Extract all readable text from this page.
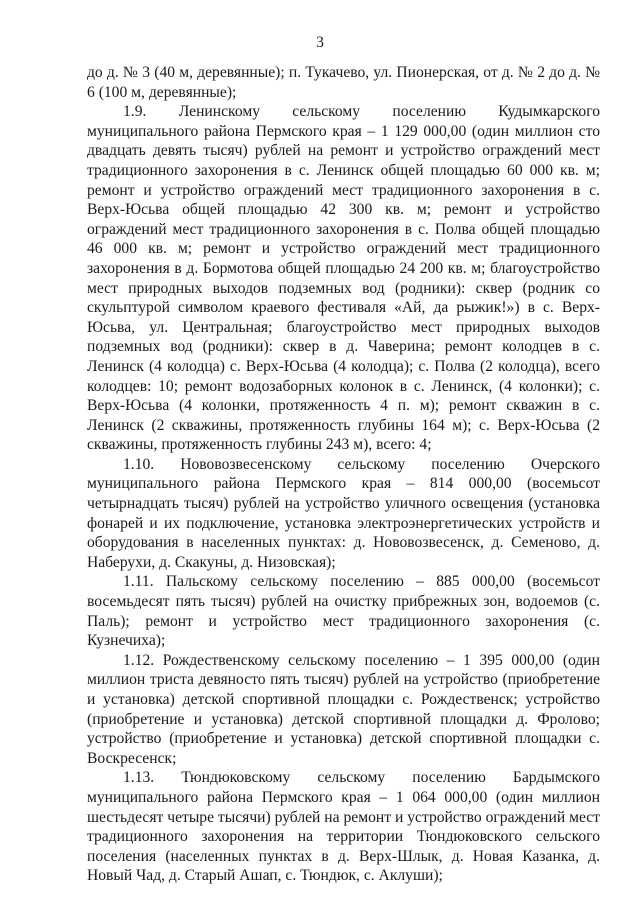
3

до д. № 3 (40 м, деревянные); п. Тукачево, ул. Пионерская, от д. № 2 до д. № 6 (100 м, деревянные);

1.9. Ленинскому сельскому поселению Кудымкарского муниципального района Пермского края – 1 129 000,00 (один миллион сто двадцать девять тысяч) рублей на ремонт и устройство ограждений мест традиционного захоронения в с. Ленинск общей площадью 60 000 кв. м; ремонт и устройство ограждений мест традиционного захоронения в с. Верх-Юсьва общей площадью 42 300 кв. м; ремонт и устройство ограждений мест традиционного захоронения в с. Полва общей площадью 46 000 кв. м; ремонт и устройство ограждений мест традиционного захоронения в д. Бормотова общей площадью 24 200 кв. м; благоустройство мест природных выходов подземных вод (родники): сквер (родник со скульптурой символом краевого фестиваля «Ай, да рыжик!») в с. Верх-Юсьва, ул. Центральная; благоустройство мест природных выходов подземных вод (родники): сквер в д. Чаверина; ремонт колодцев в с. Ленинск (4 колодца) с. Верх-Юсьва (4 колодца); с. Полва (2 колодца), всего колодцев: 10; ремонт водозаборных колонок в с. Ленинск, (4 колонки); с. Верх-Юсьва (4 колонки, протяженность 4 п. м); ремонт скважин в с. Ленинск (2 скважины, протяженность глубины 164 м); с. Верх-Юсьва (2 скважины, протяженность глубины 243 м), всего: 4;

1.10. Нововозвесенскому сельскому поселению Очерского муниципального района Пермского края – 814 000,00 (восемьсот четырнадцать тысяч) рублей на устройство уличного освещения (установка фонарей и их подключение, установка электроэнергетических устройств и оборудования в населенных пунктах: д. Нововозвесенск, д. Семеново, д. Наберухи, д. Скакуны, д. Низовская);

1.11. Пальскому сельскому поселению – 885 000,00 (восемьсот восемьдесят пять тысяч) рублей на очистку прибрежных зон, водоемов (с. Паль); ремонт и устройство мест традиционного захоронения (с. Кузнечиха);

1.12. Рождественскому сельскому поселению – 1 395 000,00 (один миллион триста девяносто пять тысяч) рублей на устройство (приобретение и установка) детской спортивной площадки с. Рождественск; устройство (приобретение и установка) детской спортивной площадки д. Фролово; устройство (приобретение и установка) детской спортивной площадки с. Воскресенск;

1.13. Тюндюковскому сельскому поселению Бардымского муниципального района Пермского края – 1 064 000,00 (один миллион шестьдесят четыре тысячи) рублей на ремонт и устройство ограждений мест традиционного захоронения на территории Тюндюковского сельского поселения (населенных пунктах в д. Верх-Шлык, д. Новая Казанка, д. Новый Чад, д. Старый Ашап, с. Тюндюк, с. Аклуши);
